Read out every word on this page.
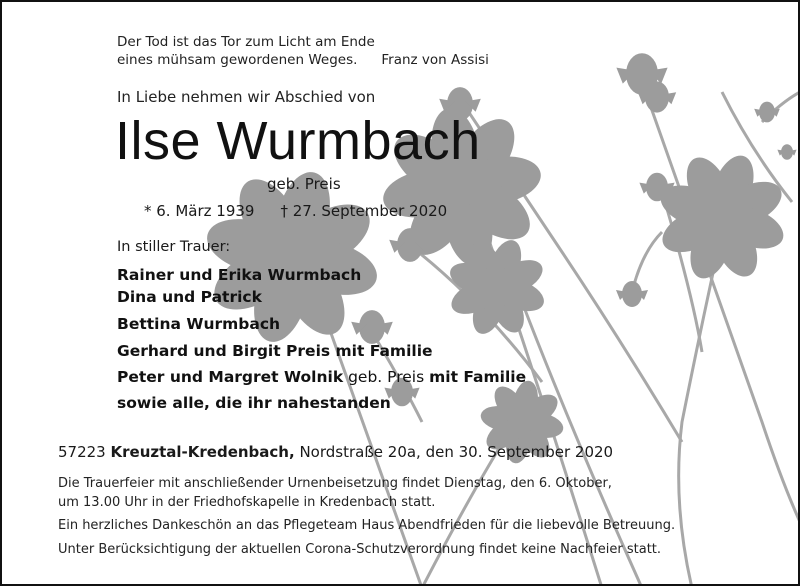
Der Tod ist das Tor zum Licht am Ende
eines mühsam gewordenen Weges. Franz von Assisi
In Liebe nehmen wir Abschied von
Ilse Wurmbach
geb. Preis
* 6. März 1939 † 27. September 2020
In stiller Trauer:
Rainer und Erika Wurmbach
Dina und Patrick
Bettina Wurmbach
Gerhard und Birgit Preis mit Familie
Peter und Margret Wolnik geb. Preis mit Familie
sowie alle, die ihr nahestanden
57223 Kreuztal-Kredenbach, Nordstraße 20a, den 30. September 2020
Die Trauerfeier mit anschließender Urnenbeisetzung findet Dienstag, den 6. Oktober,
um 13.00 Uhr in der Friedhofskapelle in Kredenbach statt.
Ein herzliches Dankeschön an das Pflegeteam Haus Abendfrieden für die liebevolle Betreuung.
Unter Berücksichtigung der aktuellen Corona-Schutzverordnung findet keine Nachfeier statt.
